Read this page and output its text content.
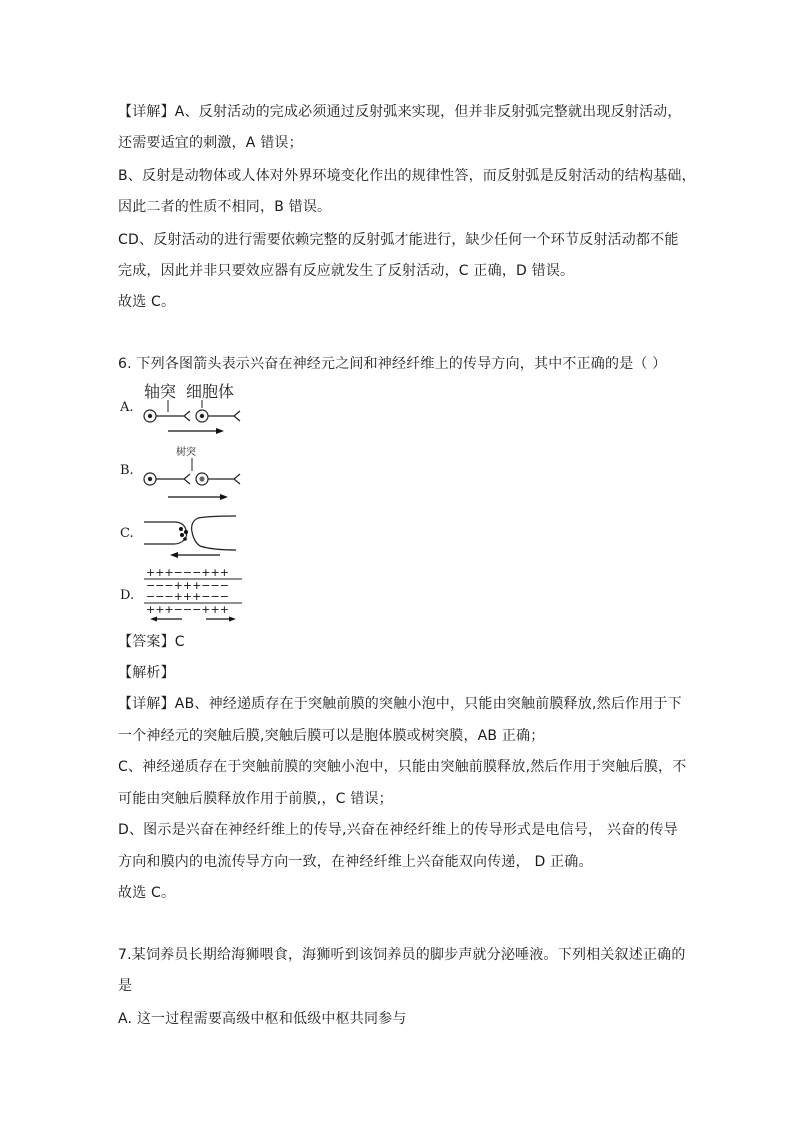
【详解】A、反射活动的完成必须通过反射弧来实现，但并非反射弧完整就出现反射活动，
还需要适宜的刺激，A 错误；
B、反射是动物体或人体对外界环境变化作出的规律性答，而反射弧是反射活动的结构基础，
因此二者的性质不相同，B 错误。
CD、反射活动的进行需要依赖完整的反射弧才能进行，缺少任何一个环节反射活动都不能
完成，因此并非只要效应器有反应就发生了反射活动，C 正确，D 错误。
故选 C。
6. 下列各图箭头表示兴奋在神经元之间和神经纤维上的传导方向，其中不正确的是（ ）
A.
轴突 细胞体
B.
树突
C.
D.
+++−−−+++
−−−+++−−−
−−−+++−−−
+++−−−+++
【答案】C
【解析】
【详解】AB、神经递质存在于突触前膜的突触小泡中，只能由突触前膜释放,然后作用于下
一个神经元的突触后膜,突触后膜可以是胞体膜或树突膜，AB 正确；
C、神经递质存在于突触前膜的突触小泡中，只能由突触前膜释放,然后作用于突触后膜，不
可能由突触后膜释放作用于前膜,，C 错误；
D、图示是兴奋在神经纤维上的传导,兴奋在神经纤维上的传导形式是电信号， 兴奋的传导
方向和膜内的电流传导方向一致，在神经纤维上兴奋能双向传递， D 正确。
故选 C。
7.某饲养员长期给海狮喂食，海狮听到该饲养员的脚步声就分泌唾液。下列相关叙述正确的
是
A. 这一过程需要高级中枢和低级中枢共同参与
